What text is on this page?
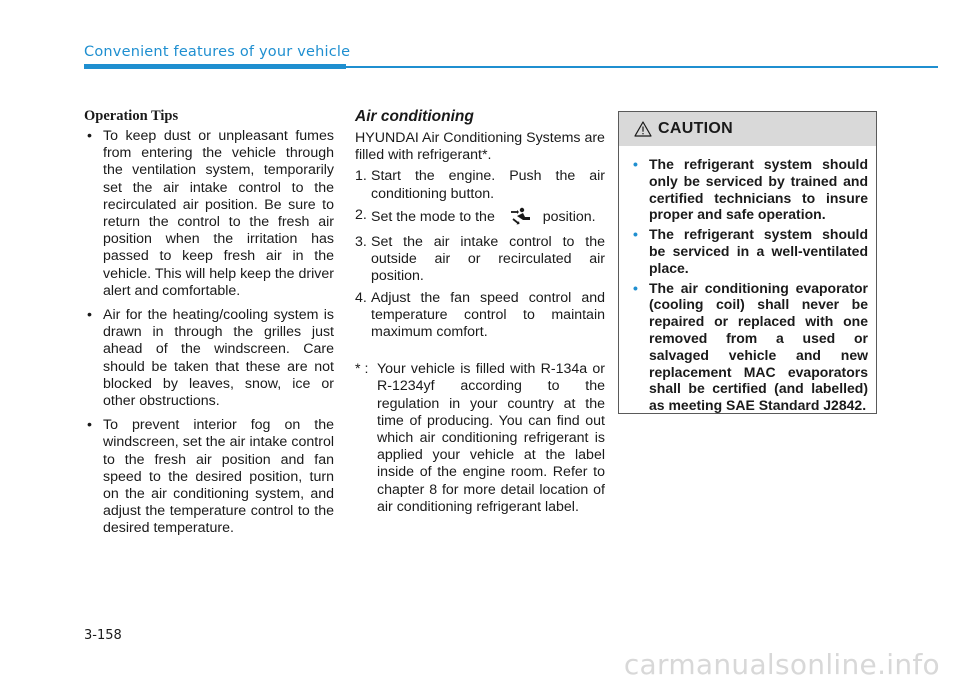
Convenient features of your vehicle
Operation Tips
• To keep dust or unpleasant fumes from entering the vehicle through the ventilation system, temporarily set the air intake control to the recirculated air position. Be sure to return the control to the fresh air position when the irritation has passed to keep fresh air in the vehicle. This will help keep the driver alert and comfortable.
• Air for the heating/cooling system is drawn in through the grilles just ahead of the windscreen. Care should be taken that these are not blocked by leaves, snow, ice or other obstructions.
• To prevent interior fog on the windscreen, set the air intake control to the fresh air position and fan speed to the desired position, turn on the air conditioning system, and adjust the temperature control to the desired temperature.
Air conditioning

HYUNDAI Air Conditioning Systems are filled with refrigerant*.

1. Start the engine. Push the air conditioning button.
2. Set the mode to the	position.
3. Set the air intake control to the outside air or recirculated air position.
4. Adjust the fan speed control and temperature control to maintain maximum comfort.
* : Your vehicle is filled with R-134a or R-1234yf according to the regulation in your country at the time of producing. You can find out which air conditioning refrigerant is applied your vehicle at the label inside of the engine room. Refer to chapter 8 for more detail location of air conditioning refrigerant label.
CAUTION
• The refrigerant system should only be serviced by trained and certified technicians to insure proper and safe operation.
• The refrigerant system should be serviced in a well-ventilated place.
• The air conditioning evaporator (cooling coil) shall never be repaired or replaced with one removed from a used or salvaged vehicle and new replacement MAC evaporators shall be certified (and labelled) as meeting SAE Standard J2842.
3-158
carmanualsonline.info
